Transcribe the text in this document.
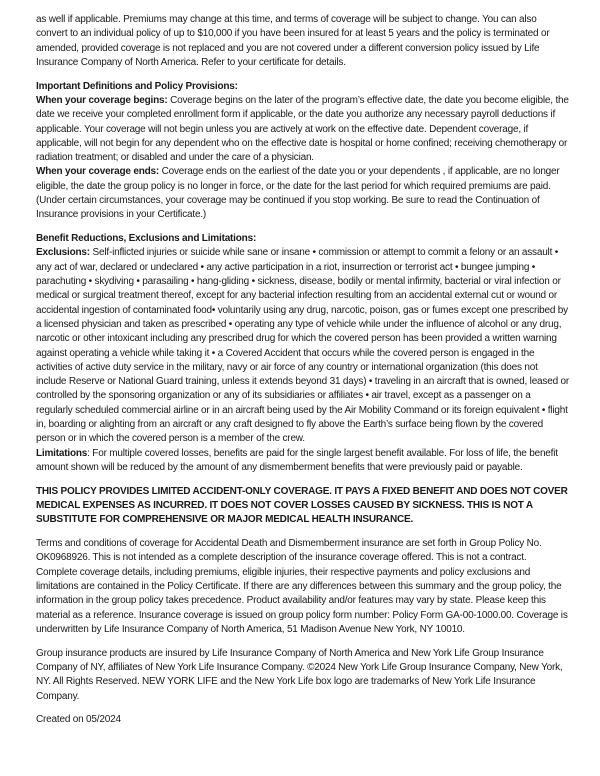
as well if applicable. Premiums may change at this time, and terms of coverage will be subject to change. You can also convert to an individual policy of up to $10,000 if you have been insured for at least 5 years and the policy is terminated or amended, provided coverage is not replaced and you are not covered under a different conversion policy issued by Life Insurance Company of North America. Refer to your certificate for details.

Important Definitions and Policy Provisions:
When your coverage begins: Coverage begins on the later of the program’s effective date, the date you become eligible, the date we receive your completed enrollment form if applicable, or the date you authorize any necessary payroll deductions if applicable. Your coverage will not begin unless you are actively at work on the effective date. Dependent coverage, if applicable, will not begin for any dependent who on the effective date is hospital or home confined; receiving chemotherapy or radiation treatment; or disabled and under the care of a physician.
When your coverage ends: Coverage ends on the earliest of the date you or your dependents , if applicable, are no longer eligible, the date the group policy is no longer in force, or the date for the last period for which required premiums are paid. (Under certain circumstances, your coverage may be continued if you stop working. Be sure to read the Continuation of Insurance provisions in your Certificate.)
Benefit Reductions, Exclusions and Limitations:
Exclusions: Self-inflicted injuries or suicide while sane or insane • commission or attempt to commit a felony or an assault • any act of war, declared or undeclared • any active participation in a riot, insurrection or terrorist act • bungee jumping • parachuting • skydiving • parasailing • hang-gliding • sickness, disease, bodily or mental infirmity, bacterial or viral infection or medical or surgical treatment thereof, except for any bacterial infection resulting from an accidental external cut or wound or accidental ingestion of contaminated food• voluntarily using any drug, narcotic, poison, gas or fumes except one prescribed by a licensed physician and taken as prescribed • operating any type of vehicle while under the influence of alcohol or any drug, narcotic or other intoxicant including any prescribed drug for which the covered person has been provided a written warning against operating a vehicle while taking it • a Covered Accident that occurs while the covered person is engaged in the activities of active duty service in the military, navy or air force of any country or international organization (this does not include Reserve or National Guard training, unless it extends beyond 31 days) • traveling in an aircraft that is owned, leased or controlled by the sponsoring organization or any of its subsidiaries or affiliates • air travel, except as a passenger on a regularly scheduled commercial airline or in an aircraft being used by the Air Mobility Command or its foreign equivalent • flight in, boarding or alighting from an aircraft or any craft designed to fly above the Earth’s surface being flown by the covered person or in which the covered person is a member of the crew.
Limitations: For multiple covered losses, benefits are paid for the single largest benefit available. For loss of life, the benefit amount shown will be reduced by the amount of any dismemberment benefits that were previously paid or payable.

THIS POLICY PROVIDES LIMITED ACCIDENT-ONLY COVERAGE. IT PAYS A FIXED BENEFIT AND DOES NOT COVER MEDICAL EXPENSES AS INCURRED. IT DOES NOT COVER LOSSES CAUSED BY SICKNESS. THIS IS NOT A SUBSTITUTE FOR COMPREHENSIVE OR MAJOR MEDICAL HEALTH INSURANCE.

Terms and conditions of coverage for Accidental Death and Dismemberment insurance are set forth in Group Policy No. OK0968926. This is not intended as a complete description of the insurance coverage offered. This is not a contract. Complete coverage details, including premiums, eligible injuries, their respective payments and policy exclusions and limitations are contained in the Policy Certificate. If there are any differences between this summary and the group policy, the information in the group policy takes precedence. Product availability and/or features may vary by state. Please keep this material as a reference. Insurance coverage is issued on group policy form number: Policy Form GA-00-1000.00. Coverage is underwritten by Life Insurance Company of North America, 51 Madison Avenue New York, NY 10010.

Group insurance products are insured by Life Insurance Company of North America and New York Life Group Insurance Company of NY, affiliates of New York Life Insurance Company. ©2024 New York Life Group Insurance Company, New York, NY. All Rights Reserved. NEW YORK LIFE and the New York Life box logo are trademarks of New York Life Insurance Company.

Created on 05/2024
